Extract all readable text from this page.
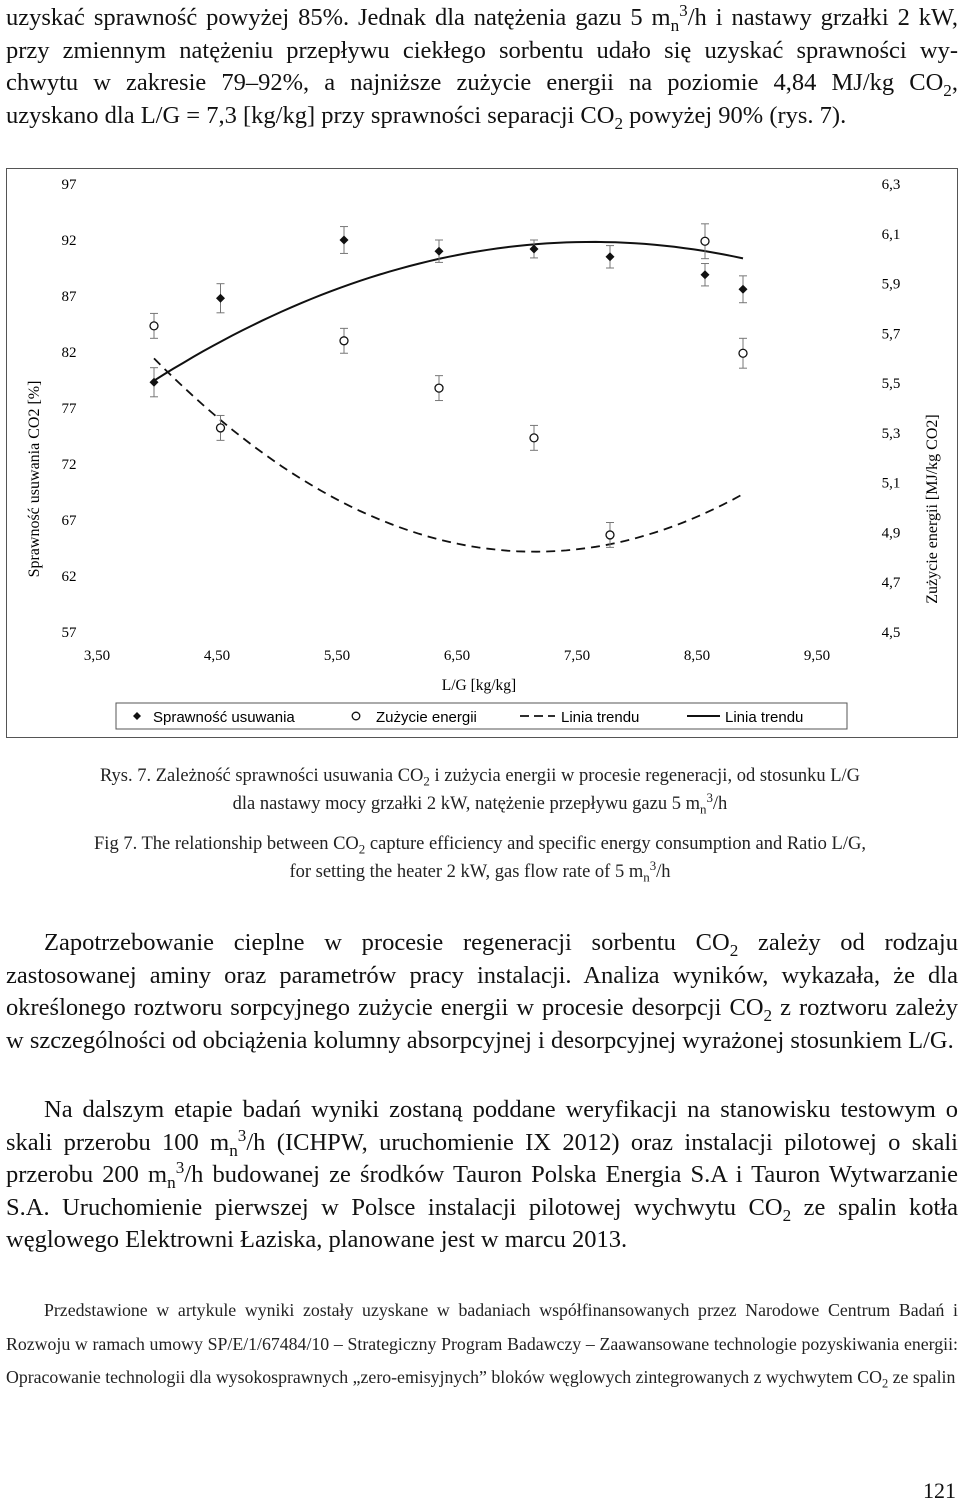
uzyskać sprawność powyżej 85%. Jednak dla natężenia gazu 5 $m_n^3/h$ i nastawy grzałki 2 kW,
przy zmiennym natężeniu przepływu ciekłego sorbentu udało się uzyskać sprawności wy-
chwytu w zakresie 79–92%, a najniższe zużycie energii na poziomie 4,84 MJ/kg $CO_2$,
uzyskano dla L/G = 7,3 [kg/kg] przy sprawności separacji $CO_2$ powyżej 90% (rys. 7).
97
92
87
82
77
72
67
62
57
6,3
6,1
5,9
5,7
5,5
5,3
5,1
4,9
4,7
4,5
3,50	4,50	5,50	6,50	7,50	8,50	9,50
Sprawność usuwania CO2 [%]	Zużycie energii [MJ/kg CO2]
L/G [kg/kg]
Sprawność usuwania	Zużycie energii	Linia trendu	Linia trendu
Rys. 7. Zależność sprawności usuwania $CO_2$ i zużycia energii w procesie regeneracji, od stosunku L/G
dla nastawy mocy grzałki 2 kW, natężenie przepływu gazu 5 $m_n^3/h$
Fig 7. The relationship between $CO_2$ capture efficiency and specific energy consumption and Ratio L/G,
for setting the heater 2 kW, gas flow rate of 5 $m_n^3/h$
Zapotrzebowanie cieplne w procesie regeneracji sorbentu $CO_2$ zależy od rodzaju zastosowanej aminy oraz parametrów pracy instalacji. Analiza wyników, wykazała, że dla określonego roztworu sorpcyjnego zużycie energii w procesie desorpcji $CO_2$ z roztworu zależy w szczególności od obciążenia kolumny absorpcyjnej i desorpcyjnej wyrażonej stosunkiem L/G.
Na dalszym etapie badań wyniki zostaną poddane weryfikacji na stanowisku testowym o skali przerobu 100 $m_n^3/h$ (ICHPW, uruchomienie IX 2012) oraz instalacji pilotowej o skali przerobu 200 $m_n^3/h$ budowanej ze środków Tauron Polska Energia S.A i Tauron Wytwarzanie S.A. Uruchomienie pierwszej w Polsce instalacji pilotowej wychwytu $CO_2$ ze spalin kotła węglowego Elektrowni Łaziska, planowane jest w marcu 2013.
Przedstawione w artykule wyniki zostały uzyskane w badaniach współfinansowanych przez Narodowe Centrum Badań i Rozwoju w ramach umowy SP/E/1/67484/10 – Strategiczny Program Badawczy – Zaawansowane technologie pozyskiwania energii: Opracowanie technologii dla wysokosprawnych „zero-emisyjnych” bloków węglowych zintegrowanych z wychwytem $CO_2$ ze spalin
121
